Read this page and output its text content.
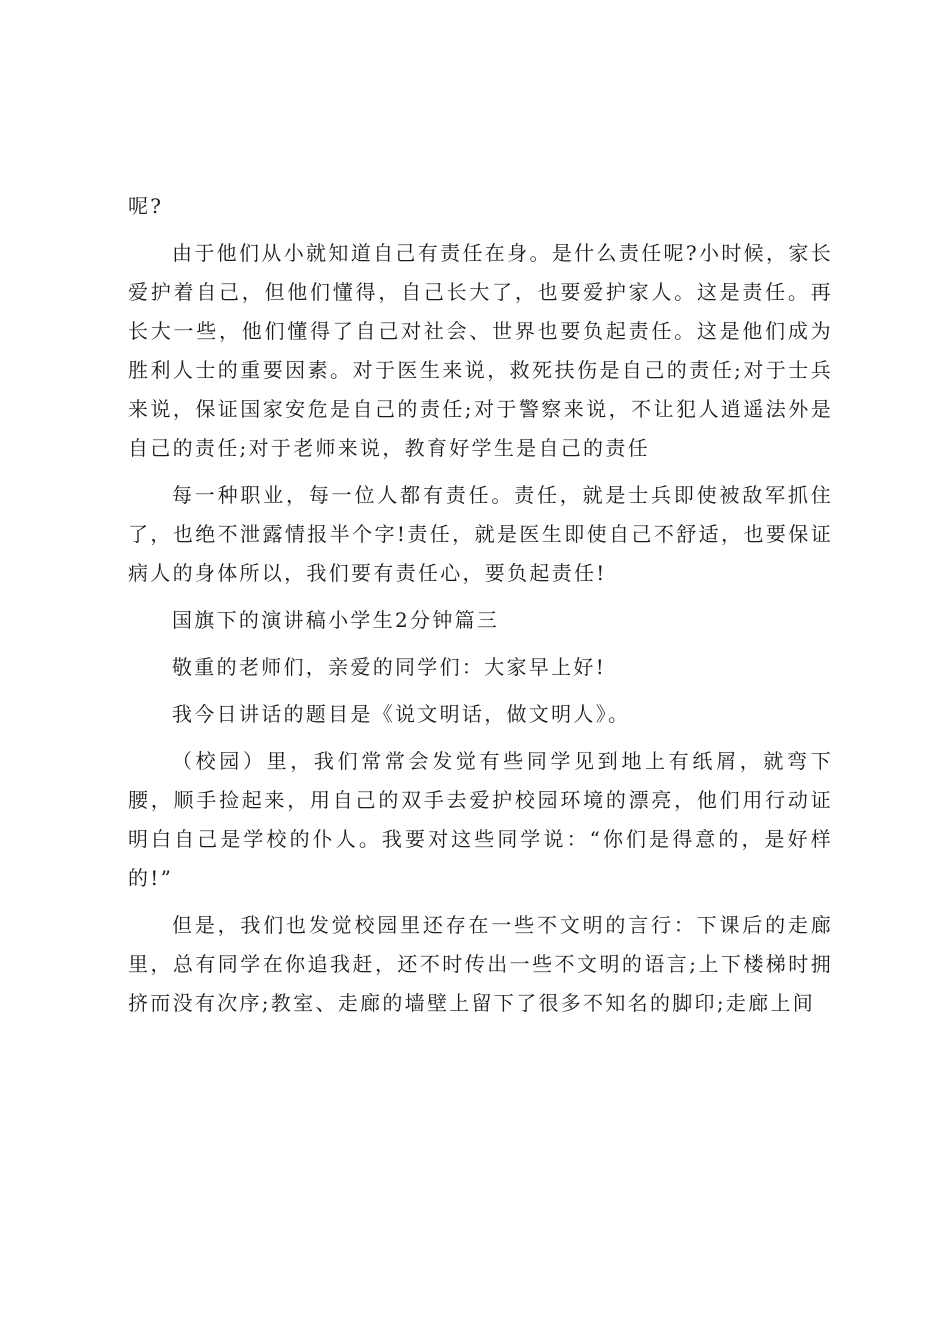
呢?

由于他们从小就知道自己有责任在身。是什么责任呢?小时候，家长爱护着自己，但他们懂得，自己长大了，也要爱护家人。这是责任。再长大一些，他们懂得了自己对社会、世界也要负起责任。这是他们成为胜利人士的重要因素。对于医生来说，救死扶伤是自己的责任;对于士兵来说，保证国家安危是自己的责任;对于警察来说，不让犯人逍遥法外是自己的责任;对于老师来说，教育好学生是自己的责任

每一种职业，每一位人都有责任。责任，就是士兵即使被敌军抓住了，也绝不泄露情报半个字!责任，就是医生即使自己不舒适，也要保证病人的身体所以，我们要有责任心，要负起责任!

国旗下的演讲稿小学生2分钟篇三

敬重的老师们，亲爱的同学们：大家早上好!

我今日讲话的题目是《说文明话，做文明人》。

（校园）里，我们常常会发觉有些同学见到地上有纸屑，就弯下腰，顺手捡起来，用自己的双手去爱护校园环境的漂亮，他们用行动证明白自己是学校的仆人。我要对这些同学说：“你们是得意的，是好样的!”

但是，我们也发觉校园里还存在一些不文明的言行：下课后的走廊里，总有同学在你追我赶，还不时传出一些不文明的语言;上下楼梯时拥挤而没有次序;教室、走廊的墙壁上留下了很多不知名的脚印;走廊上间
